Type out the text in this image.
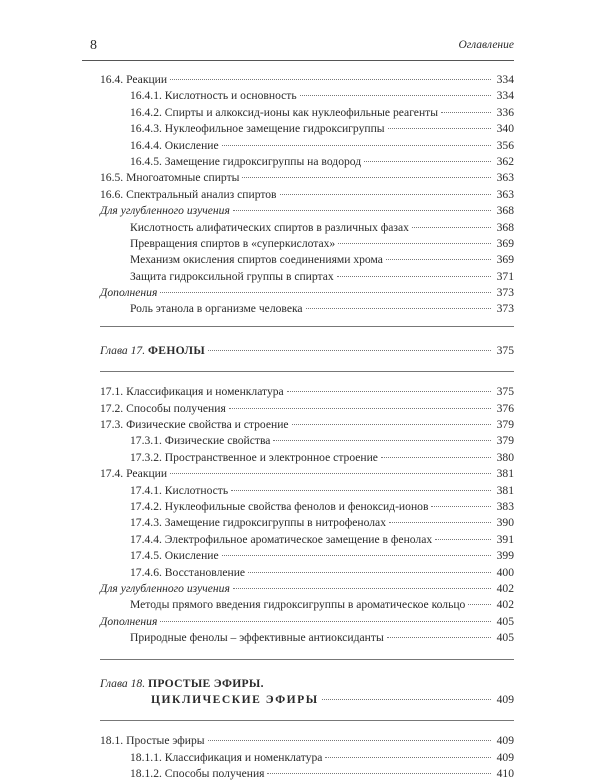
8	Оглавление
16.4. Реакции	334
16.4.1. Кислотность и основность	334
16.4.2. Спирты и алкоксид-ионы как нуклеофильные реагенты	336
16.4.3. Нуклеофильное замещение гидроксигруппы	340
16.4.4. Окисление	356
16.4.5. Замещение гидроксигруппы на водород	362
16.5. Многоатомные спирты	363
16.6. Спектральный анализ спиртов	363
Для углубленного изучения	368
Кислотность алифатических спиртов в различных фазах	368
Превращения спиртов в «суперкислотах»	369
Механизм окисления спиртов соединениями хрома	369
Защита гидроксильной группы в спиртах	371
Дополнения	373
Роль этанола в организме человека	373
Глава 17.
ФЕНОЛЫ	375
17.1. Классификация и номенклатура	375
17.2. Способы получения	376
17.3. Физические свойства и строение	379
17.3.1. Физические свойства	379
17.3.2. Пространственное и электронное строение	380
17.4. Реакции	381
17.4.1. Кислотность	381
17.4.2. Нуклеофильные свойства фенолов и феноксид-ионов	383
17.4.3. Замещение гидроксигруппы в нитрофенолах	390
17.4.4. Электрофильное ароматическое замещение в фенолах	391
17.4.5. Окисление	399
17.4.6. Восстановление	400
Для углубленного изучения	402
Методы прямого введения гидроксигруппы в ароматическое кольцо	402
Дополнения	405
Природные фенолы – эффективные антиоксиданты	405
Глава 18.
ПРОСТЫЕ ЭФИРЫ.
ЦИКЛИЧЕСКИЕ ЭФИРЫ	409
18.1. Простые эфиры	409
18.1.1. Классификация и номенклатура	409
18.1.2. Способы получения	410
